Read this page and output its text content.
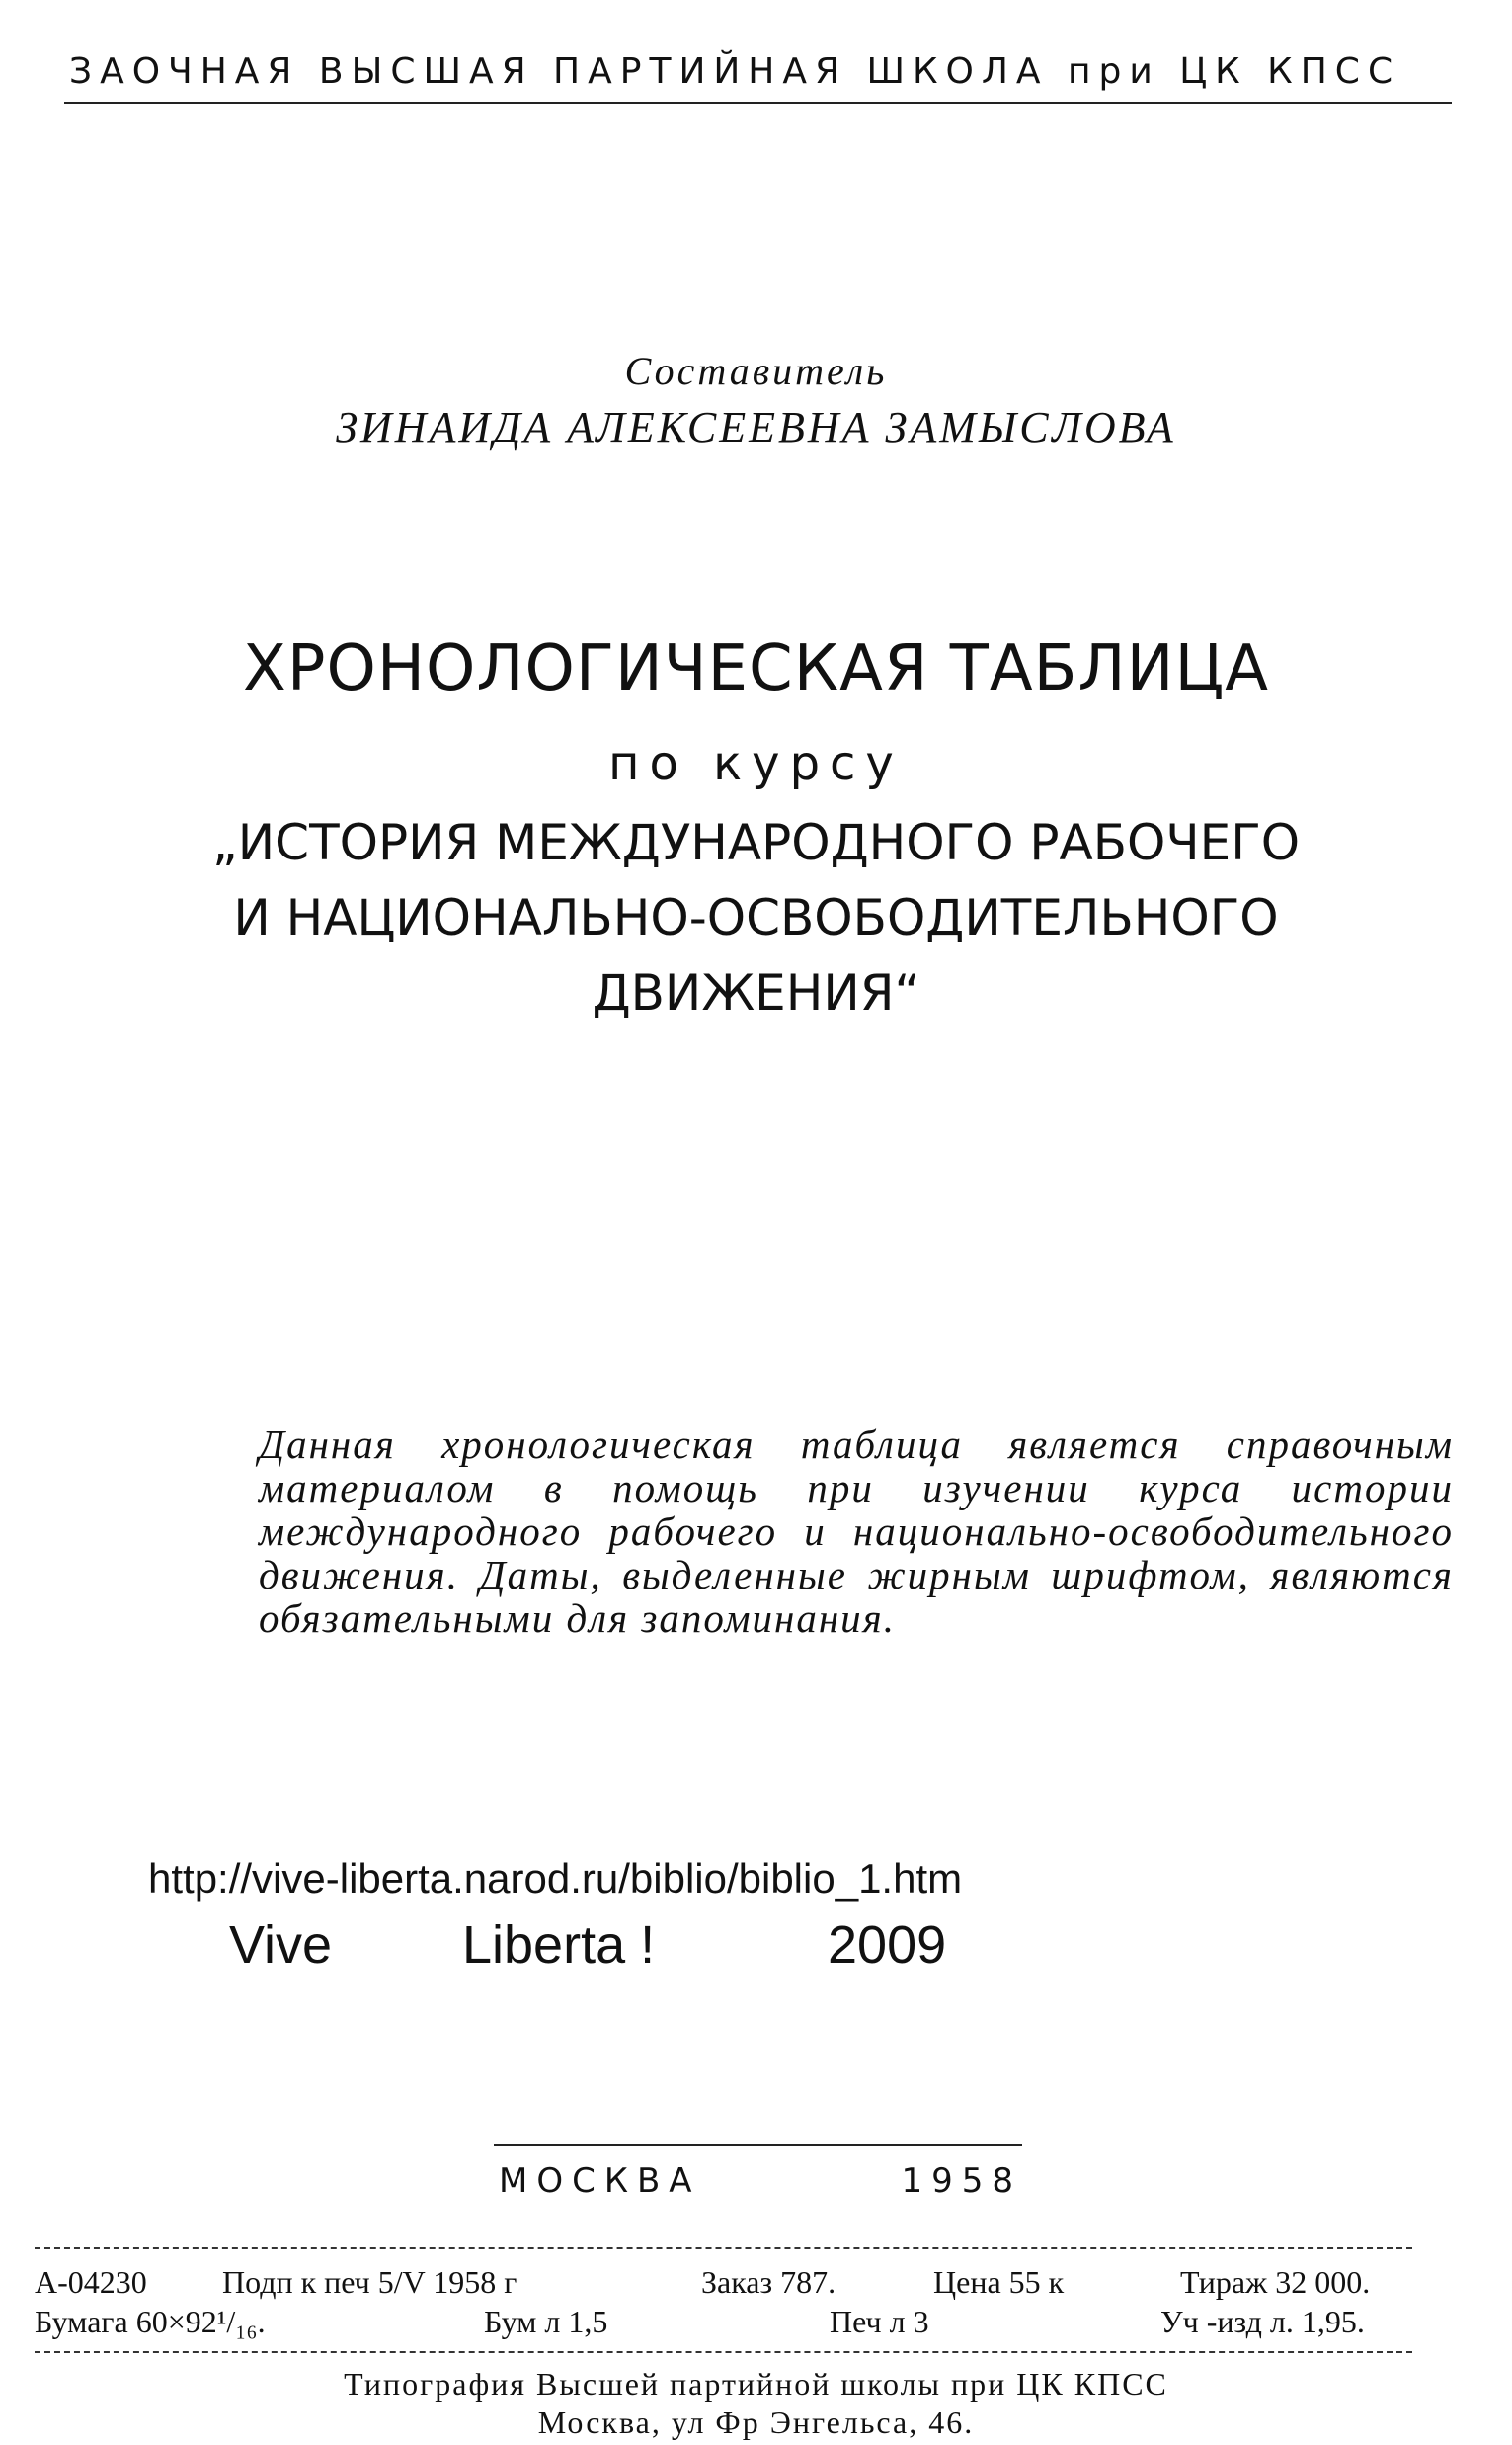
ЗАОЧНАЯ ВЫСШАЯ ПАРТИЙНАЯ ШКОЛА при ЦК КПСС
Составитель
ЗИНАИДА АЛЕКСЕЕВНА ЗАМЫСЛОВА
ХРОНОЛОГИЧЕСКАЯ ТАБЛИЦА
по курсу
„ИСТОРИЯ МЕЖДУНАРОДНОГО РАБОЧЕГО
И НАЦИОНАЛЬНО-ОСВОБОДИТЕЛЬНОГО
ДВИЖЕНИЯ“
Данная хронологическая таблица является справочным материалом в помощь при изучении курса истории международного рабочего и национально-освободительного движения. Даты, выделенные жирным шрифтом, являются обязательными для запоминания.
http://vive-liberta.narod.ru/biblio/biblio_1.htm
Vive Liberta !	2009
МОСКВА	1958
А-04230 Подп к печ 5/V 1958 г	Заказ 787.	Цена 55 к	Тираж 32 000.
Бумага 60×92¹/₁₆.	Бум л 1,5	Печ л 3	Уч -изд л. 1,95.
Типография Высшей партийной школы при ЦК КПСС
Москва, ул Фр Энгельса, 46.
